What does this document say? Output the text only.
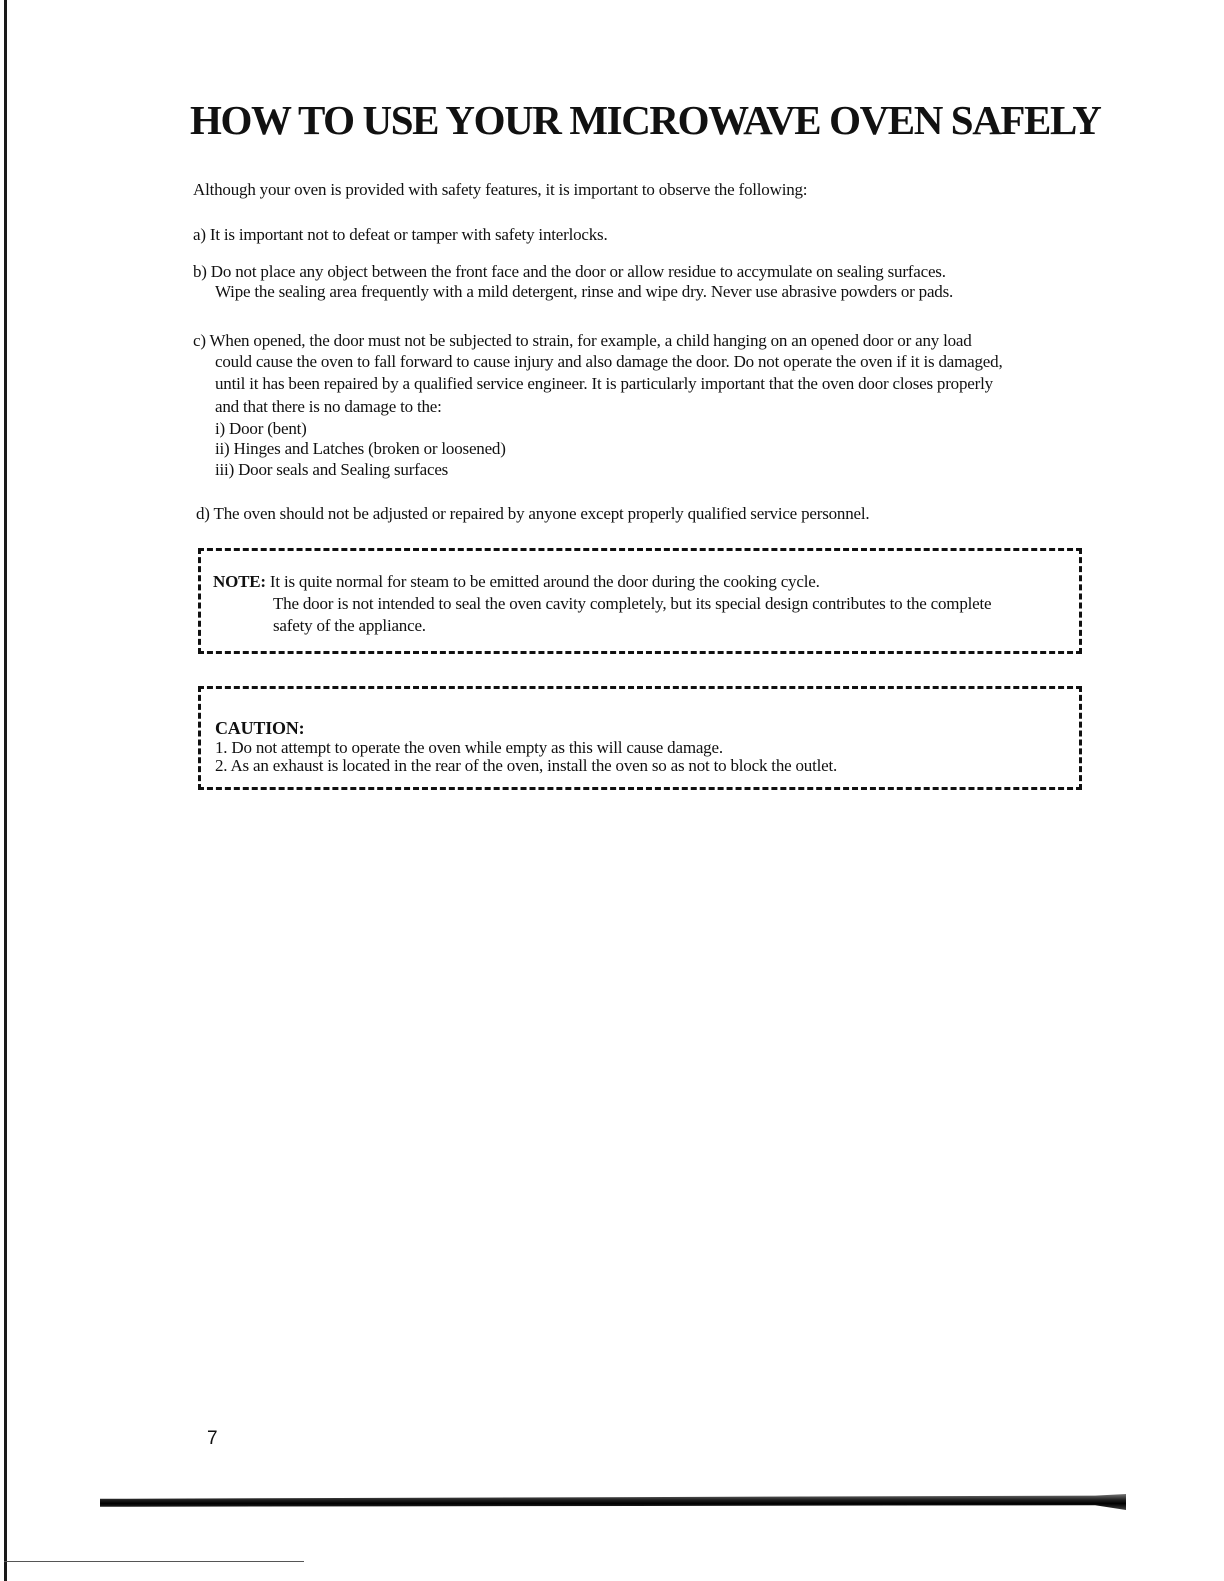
HOW TO USE YOUR MICROWAVE OVEN SAFELY
Although your oven is provided with safety features, it is important to observe the following:
a) It is important not to defeat or tamper with safety interlocks.
b) Do not place any object between the front face and the door or allow residue to accymulate on sealing surfaces.
Wipe the sealing area frequently with a mild detergent, rinse and wipe dry. Never use abrasive powders or pads.
c) When opened, the door must not be subjected to strain, for example, a child hanging on an opened door or any load
could cause the oven to fall forward to cause injury and also damage the door. Do not operate the oven if it is damaged,
until it has been repaired by a qualified service engineer. It is particularly important that the oven door closes properly
and that there is no damage to the:
i) Door (bent)
ii) Hinges and Latches (broken or loosened)
iii) Door seals and Sealing surfaces
d) The oven should not be adjusted or repaired by anyone except properly qualified service personnel.

NOTE: It is quite normal for steam to be emitted around the door during the cooking cycle.

The door is not intended to seal the oven cavity completely, but its special design contributes to the complete

safety of the appliance.

CAUTION:

1. Do not attempt to operate the oven while empty as this will cause damage.

2. As an exhaust is located in the rear of the oven, install the oven so as not to block the outlet.

7
